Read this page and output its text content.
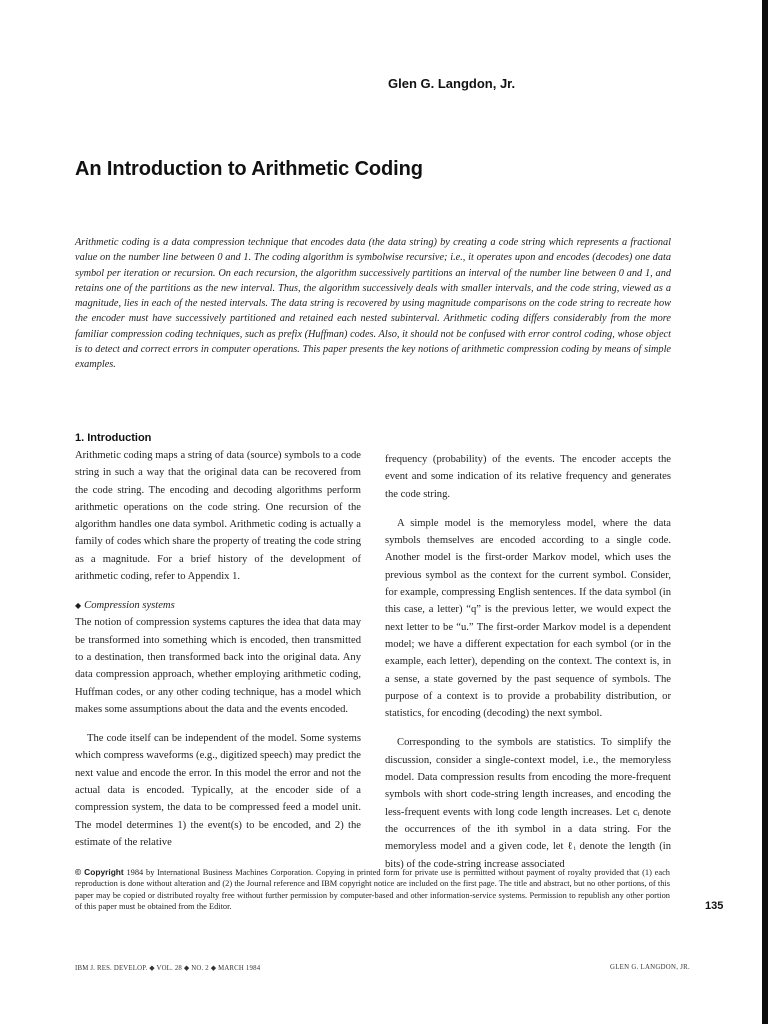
Glen G. Langdon, Jr.
An Introduction to Arithmetic Coding

Arithmetic coding is a data compression technique that encodes data (the data string) by creating a code string which represents a fractional value on the number line between 0 and 1. The coding algorithm is symbolwise recursive; i.e., it operates upon and encodes (decodes) one data symbol per iteration or recursion. On each recursion, the algorithm successively partitions an interval of the number line between 0 and 1, and retains one of the partitions as the new interval. Thus, the algorithm successively deals with smaller intervals, and the code string, viewed as a magnitude, lies in each of the nested intervals. The data string is recovered by using magnitude comparisons on the code string to recreate how the encoder must have successively partitioned and retained each nested subinterval. Arithmetic coding differs considerably from the more familiar compression coding techniques, such as prefix (Huffman) codes. Also, it should not be confused with error control coding, whose object is to detect and correct errors in computer operations. This paper presents the key notions of arithmetic compression coding by means of simple examples.

1. Introduction

Arithmetic coding maps a string of data (source) symbols to a code string in such a way that the original data can be recovered from the code string. The encoding and decoding algorithms perform arithmetic operations on the code string. One recursion of the algorithm handles one data symbol. Arithmetic coding is actually a family of codes which share the property of treating the code string as a magnitude. For a brief history of the development of arithmetic coding, refer to Appendix 1.

◆ Compression systems

The notion of compression systems captures the idea that data may be transformed into something which is encoded, then transmitted to a destination, then transformed back into the original data. Any data compression approach, whether employing arithmetic coding, Huffman codes, or any other coding technique, has a model which makes some assumptions about the data and the events encoded.

The code itself can be independent of the model. Some systems which compress waveforms (e.g., digitized speech) may predict the next value and encode the error. In this model the error and not the actual data is encoded. Typically, at the encoder side of a compression system, the data to be compressed feed a model unit. The model determines 1) the event(s) to be encoded, and 2) the estimate of the relative

frequency (probability) of the events. The encoder accepts the event and some indication of its relative frequency and generates the code string.

A simple model is the memoryless model, where the data symbols themselves are encoded according to a single code. Another model is the first-order Markov model, which uses the previous symbol as the context for the current symbol. Consider, for example, compressing English sentences. If the data symbol (in this case, a letter) “q” is the previous letter, we would expect the next letter to be “u.” The first-order Markov model is a dependent model; we have a different expectation for each symbol (or in the example, each letter), depending on the context. The context is, in a sense, a state governed by the past sequence of symbols. The purpose of a context is to provide a probability distribution, or statistics, for encoding (decoding) the next symbol.

Corresponding to the symbols are statistics. To simplify the discussion, consider a single-context model, i.e., the memoryless model. Data compression results from encoding the more-frequent symbols with short code-string length increases, and encoding the less-frequent events with long code length increases. Let cᵢ denote the occurrences of the ith symbol in a data string. For the memoryless model and a given code, let ℓᵢ denote the length (in bits) of the code-string increase associated

© Copyright 1984 by International Business Machines Corporation. Copying in printed form for private use is permitted without payment of royalty provided that (1) each reproduction is done without alteration and (2) the Journal reference and IBM copyright notice are included on the first page. The title and abstract, but no other portions, of this paper may be copied or distributed royalty free without further permission by computer-based and other information-service systems. Permission to republish any other portion of this paper must be obtained from the Editor.	135
IBM J. RES. DEVELOP. ◆ VOL. 28 ◆ NO. 2 ◆ MARCH 1984	GLEN G. LANGDON, JR.
